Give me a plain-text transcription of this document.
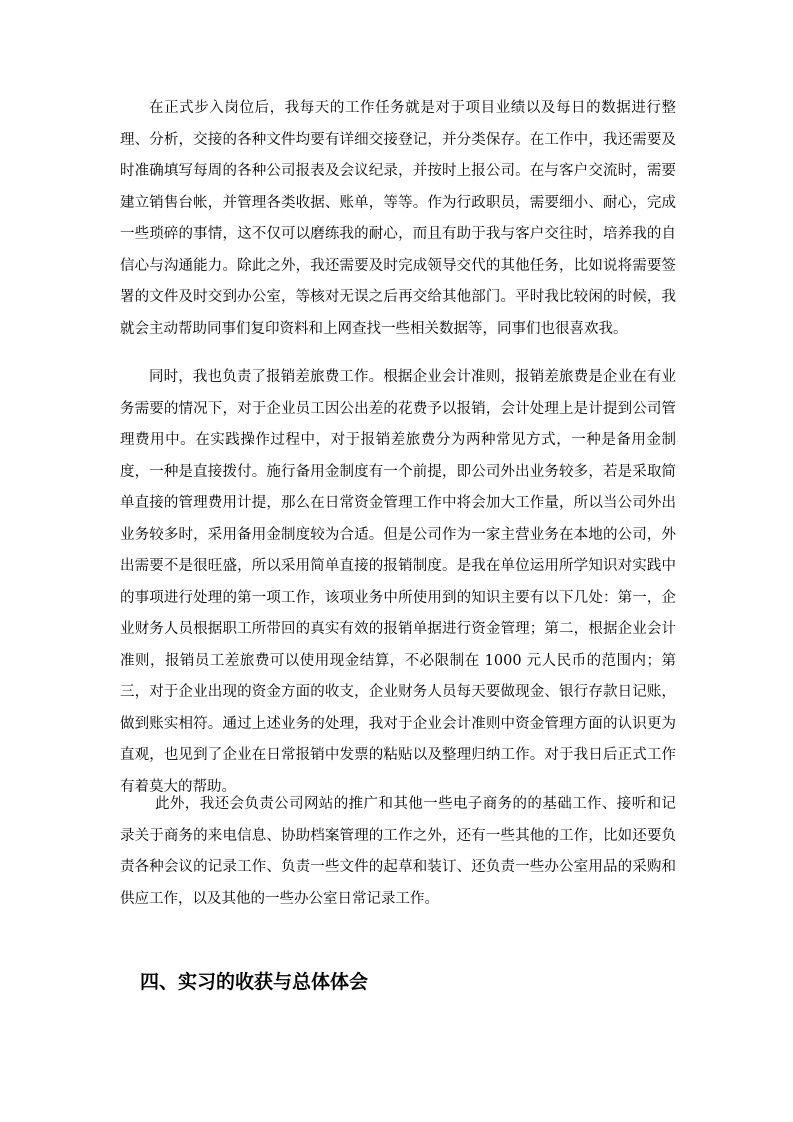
在正式步入岗位后，我每天的工作任务就是对于项目业绩以及每日的数据进行整理、分析，交接的各种文件均要有详细交接登记，并分类保存。在工作中，我还需要及时准确填写每周的各种公司报表及会议纪录，并按时上报公司。在与客户交流时，需要建立销售台帐，并管理各类收据、账单，等等。作为行政职员，需要细小、耐心，完成一些琐碎的事情，这不仅可以磨练我的耐心，而且有助于我与客户交往时，培养我的自信心与沟通能力。除此之外，我还需要及时完成领导交代的其他任务，比如说将需要签署的文件及时交到办公室，等核对无误之后再交给其他部门。平时我比较闲的时候，我就会主动帮助同事们复印资料和上网查找一些相关数据等，同事们也很喜欢我。

同时，我也负责了报销差旅费工作。根据企业会计准则，报销差旅费是企业在有业务需要的情况下，对于企业员工因公出差的花费予以报销，会计处理上是计提到公司管理费用中。在实践操作过程中，对于报销差旅费分为两种常见方式，一种是备用金制度，一种是直接拨付。施行备用金制度有一个前提，即公司外出业务较多，若是采取简单直接的管理费用计提，那么在日常资金管理工作中将会加大工作量，所以当公司外出业务较多时，采用备用金制度较为合适。但是公司作为一家主营业务在本地的公司，外出需要不是很旺盛，所以采用简单直接的报销制度。是我在单位运用所学知识对实践中的事项进行处理的第一项工作，该项业务中所使用到的知识主要有以下几处：第一，企业财务人员根据职工所带回的真实有效的报销单据进行资金管理；第二，根据企业会计准则，报销员工差旅费可以使用现金结算，不必限制在 1000 元人民币的范围内；第三，对于企业出现的资金方面的收支，企业财务人员每天要做现金、银行存款日记账，做到账实相符。通过上述业务的处理，我对于企业会计准则中资金管理方面的认识更为直观，也见到了企业在日常报销中发票的粘贴以及整理归纳工作。对于我日后正式工作有着莫大的帮助。

此外，我还会负责公司网站的推广和其他一些电子商务的的基础工作、接听和记录关于商务的来电信息、协助档案管理的工作之外，还有一些其他的工作，比如还要负责各种会议的记录工作、负责一些文件的起草和装订、还负责一些办公室用品的采购和供应工作，以及其他的一些办公室日常记录工作。

四、实习的收获与总体体会
